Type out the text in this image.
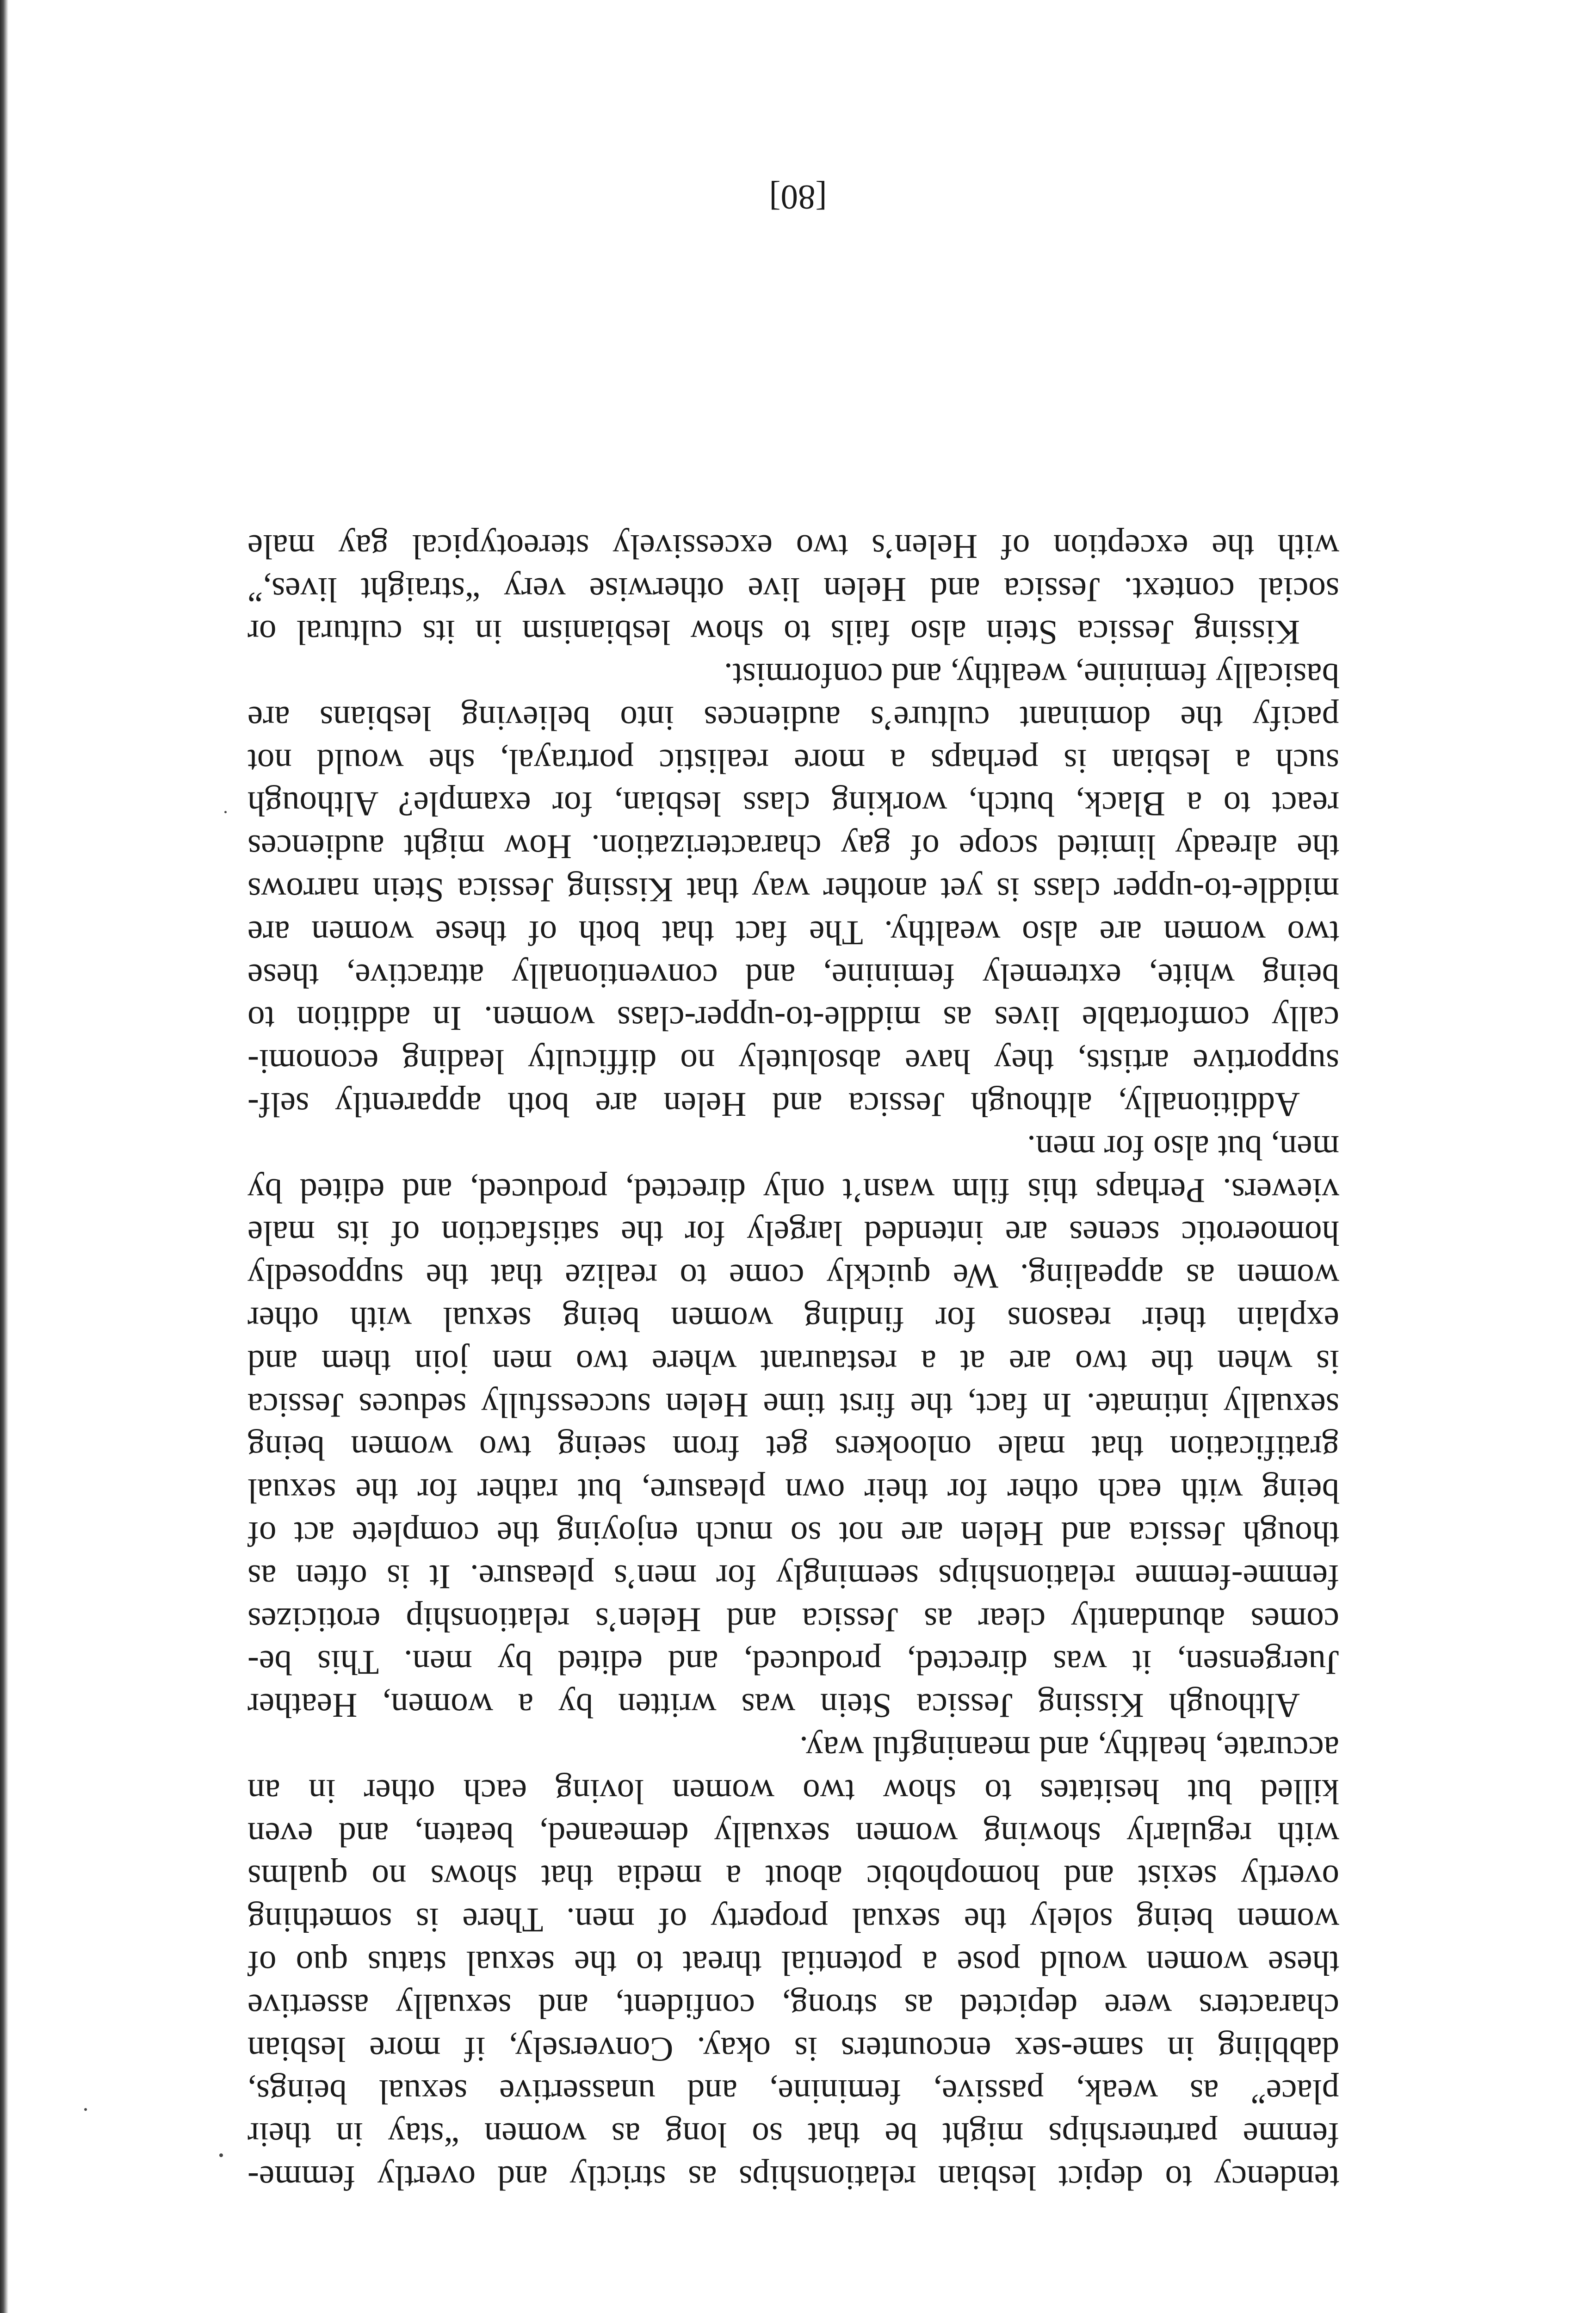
tendency to depict lesbian relationships as strictly and overtly femme-
femme partnerships might be that so long as women “stay in their
place” as weak, passive, feminine, and unassertive sexual beings,
dabbling in same-sex encounters is okay. Conversely, if more lesbian
characters were depicted as strong, confident, and sexually assertive
these women would pose a potential threat to the sexual status quo of
women being solely the sexual property of men. There is something
overtly sexist and homophobic about a media that shows no qualms
with regularly showing women sexually demeaned, beaten, and even
killed but hesitates to show two women loving each other in an
accurate, healthy, and meaningful way.

Although Kissing Jessica Stein was written by a women, Heather
Juergensen, it was directed, produced, and edited by men. This be-
comes abundantly clear as Jessica and Helen’s relationship eroticizes
femme-femme relationships seemingly for men’s pleasure. It is often as
though Jessica and Helen are not so much enjoying the complete act of
being with each other for their own pleasure, but rather for the sexual
gratification that male onlookers get from seeing two women being
sexually intimate. In fact, the first time Helen successfully seduces Jessica
is when the two are at a restaurant where two men join them and
explain their reasons for finding women being sexual with other
women as appealing. We quickly come to realize that the supposedly
homoerotic scenes are intended largely for the satisfaction of its male
viewers. Perhaps this film wasn’t only directed, produced, and edited by
men, but also for men.

Additionally, although Jessica and Helen are both apparently self-
supportive artists, they have absolutely no difficulty leading economi-
cally comfortable lives as middle-to-upper-class women. In addition to
being white, extremely feminine, and conventionally attractive, these
two women are also wealthy. The fact that both of these women are
middle-to-upper class is yet another way that Kissing Jessica Stein narrows
the already limited scope of gay characterization. How might audiences
react to a Black, butch, working class lesbian, for example? Although
such a lesbian is perhaps a more realistic portrayal, she would not
pacify the dominant culture’s audiences into believing lesbians are
basically feminine, wealthy, and conformist.

Kissing Jessica Stein also fails to show lesbianism in its cultural or
social context. Jessica and Helen live otherwise very “straight lives,”
with the exception of Helen’s two excessively stereotypical gay male

[80]
